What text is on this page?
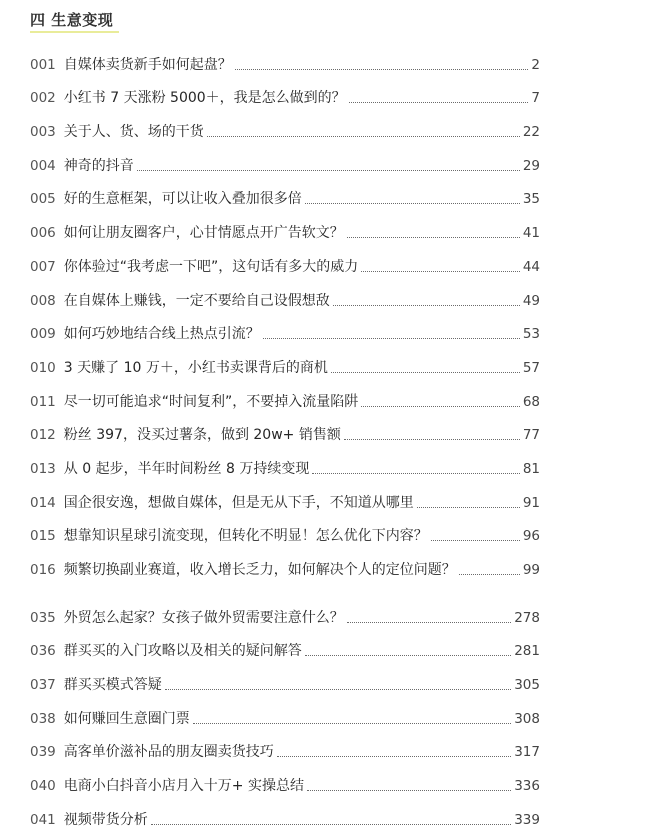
四 生意变现
001 自媒体卖货新手如何起盘？	2
002 小红书 7 天涨粉 5000＋，我是怎么做到的？	7
003 关于人、货、场的干货	22
004 神奇的抖音	29
005 好的生意框架，可以让收入叠加很多倍	35
006 如何让朋友圈客户，心甘情愿点开广告软文？	41
007 你体验过“我考虑一下吧”，这句话有多大的威力	44
008 在自媒体上赚钱，一定不要给自己设假想敌	49
009 如何巧妙地结合线上热点引流？	53
010 3 天赚了 10 万＋，小红书卖课背后的商机	57
011 尽一切可能追求“时间复利”，不要掉入流量陷阱	68
012 粉丝 397，没买过薯条，做到 20w+ 销售额	77
013 从 0 起步，半年时间粉丝 8 万持续变现	81
014 国企很安逸，想做自媒体，但是无从下手，不知道从哪里	91
015 想靠知识星球引流变现，但转化不明显！怎么优化下内容？	96
016 频繁切换副业赛道，收入增长乏力，如何解决个人的定位问题？	99
035 外贸怎么起家？女孩子做外贸需要注意什么？	278
036 群买买的入门攻略以及相关的疑问解答	281
037 群买买模式答疑	305
038 如何赚回生意圈门票	308
039 高客单价滋补品的朋友圈卖货技巧	317
040 电商小白抖音小店月入十万+ 实操总结	336
041 视频带货分析	339
